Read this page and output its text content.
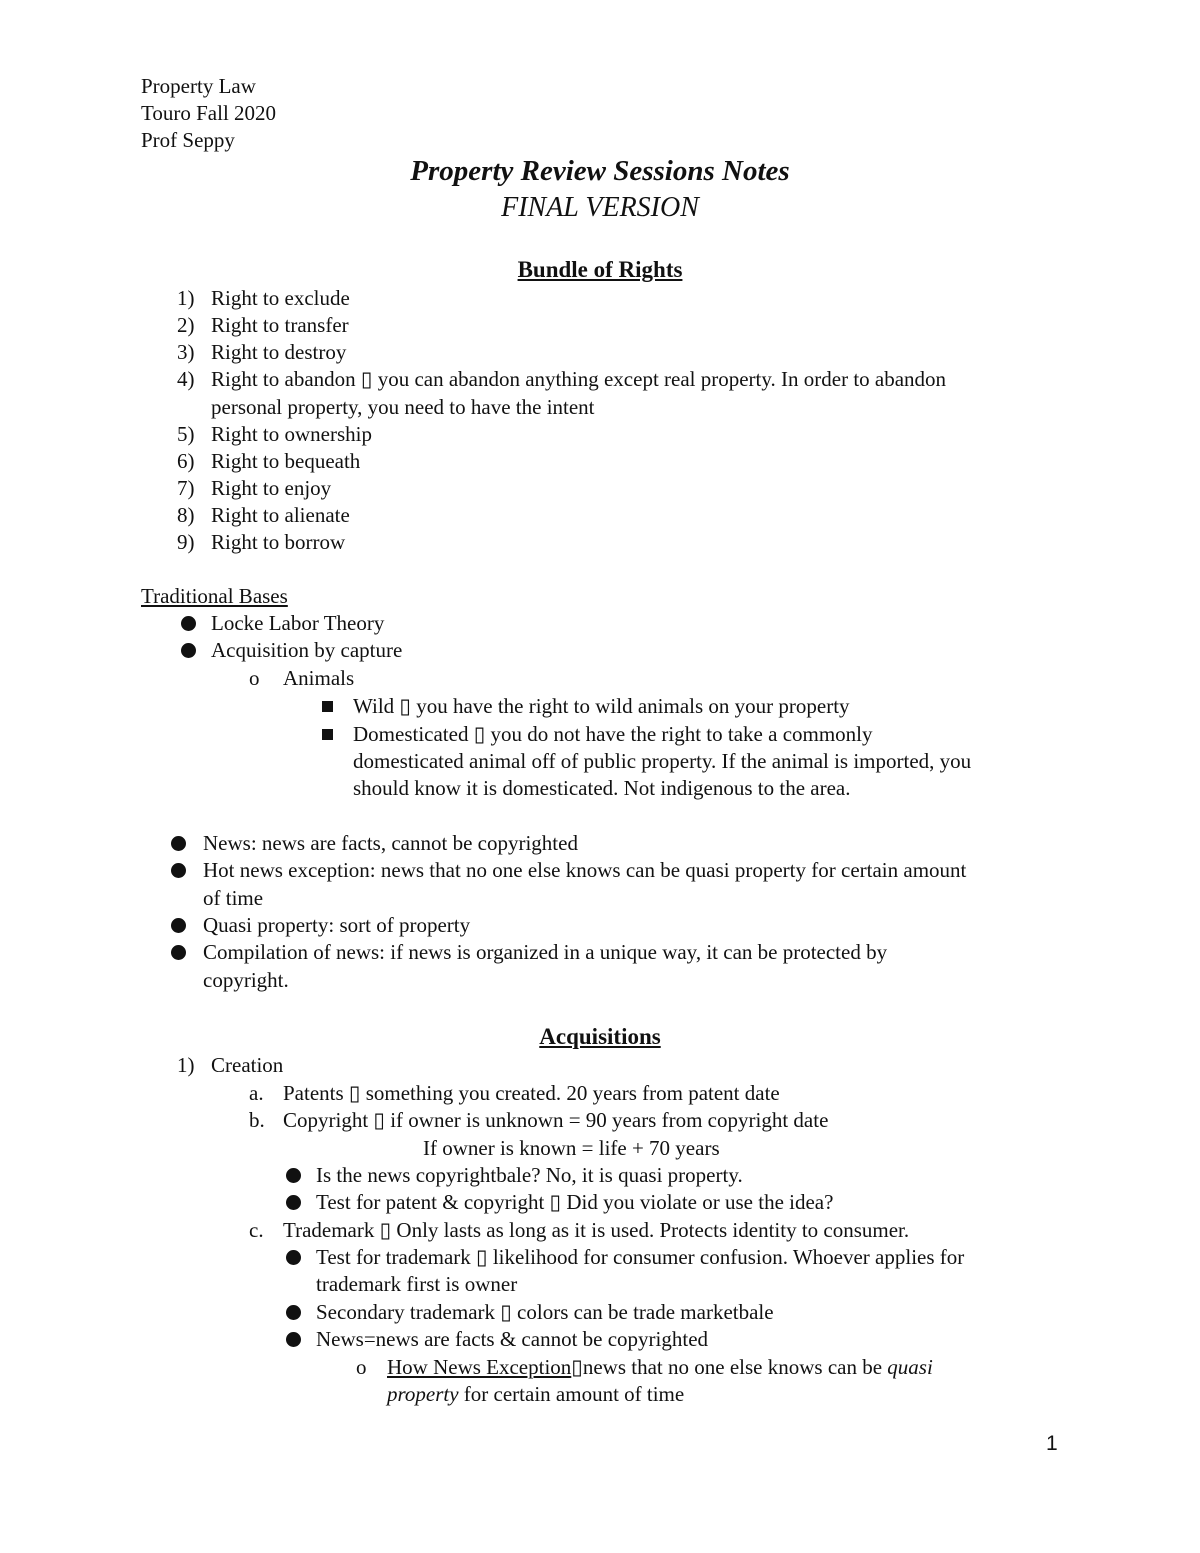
Property Law
Touro Fall 2020
Prof Seppy
Property Review Sessions Notes
FINAL VERSION
Bundle of Rights
1) Right to exclude
2) Right to transfer
3) Right to destroy
4) Right to abandon ▯ you can abandon anything except real property. In order to abandon
personal property, you need to have the intent
5) Right to ownership
6) Right to bequeath
7) Right to enjoy
8) Right to alienate
9) Right to borrow
Traditional Bases
Locke Labor Theory
Acquisition by capture
o Animals
Wild ▯ you have the right to wild animals on your property
Domesticated ▯ you do not have the right to take a commonly
domesticated animal off of public property. If the animal is imported, you
should know it is domesticated. Not indigenous to the area.
News: news are facts, cannot be copyrighted
Hot news exception: news that no one else knows can be quasi property for certain amount
of time
Quasi property: sort of property
Compilation of news: if news is organized in a unique way, it can be protected by
copyright.
Acquisitions
1) Creation
a. Patents ▯ something you created. 20 years from patent date
b. Copyright ▯ if owner is unknown = 90 years from copyright date
If owner is known = life + 70 years
Is the news copyrightbale? No, it is quasi property.
Test for patent & copyright ▯ Did you violate or use the idea?
c. Trademark ▯ Only lasts as long as it is used. Protects identity to consumer.
Test for trademark ▯ likelihood for consumer confusion. Whoever applies for
trademark first is owner
Secondary trademark ▯ colors can be trade marketbale
News=news are facts & cannot be copyrighted
o How News Exception▯news that no one else knows can be quasi
property for certain amount of time
1
